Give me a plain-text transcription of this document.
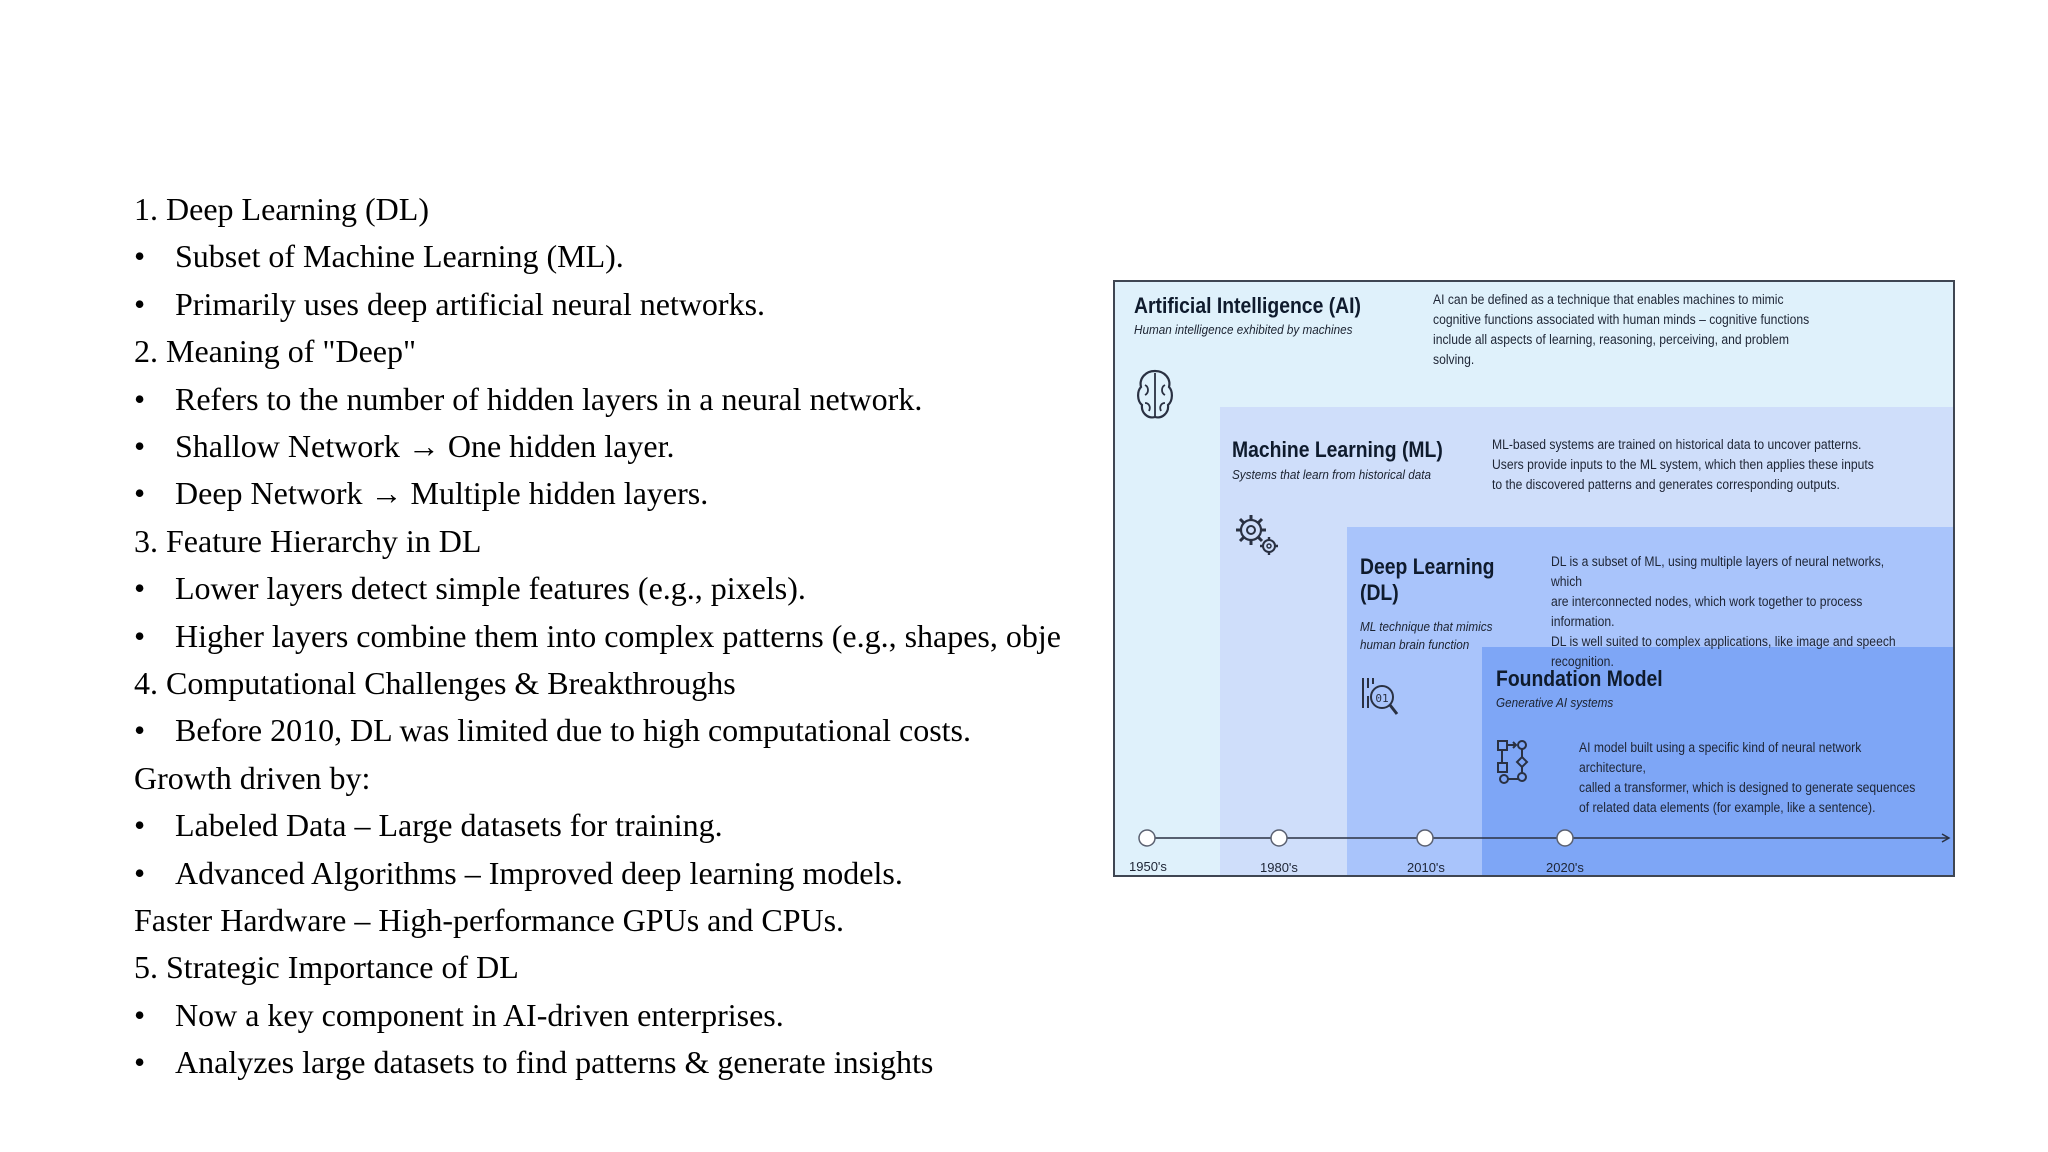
1. Deep Learning (DL)
• Subset of Machine Learning (ML).
• Primarily uses deep artificial neural networks.
2. Meaning of "Deep"
• Refers to the number of hidden layers in a neural network.
• Shallow Network → One hidden layer.
• Deep Network → Multiple hidden layers.
3. Feature Hierarchy in DL
• Lower layers detect simple features (e.g., pixels).
• Higher layers combine them into complex patterns (e.g., shapes, obje
4. Computational Challenges & Breakthroughs
• Before 2010, DL was limited due to high computational costs.
Growth driven by:
• Labeled Data – Large datasets for training.
• Advanced Algorithms – Improved deep learning models.
Faster Hardware – High-performance GPUs and CPUs.
5. Strategic Importance of DL
• Now a key component in AI-driven enterprises.
• Analyzes large datasets to find patterns & generate insights
Artificial Intelligence (AI)
Human intelligence exhibited by machines
AI can be defined as a technique that enables machines to mimic
cognitive functions associated with human minds – cognitive functions
include all aspects of learning, reasoning, perceiving, and problem
solving.
Machine Learning (ML)
Systems that learn from historical data
ML-based systems are trained on historical data to uncover patterns.
Users provide inputs to the ML system, which then applies these inputs
to the discovered patterns and generates corresponding outputs.
Deep Learning
(DL)
ML technique that mimics
human brain function
DL is a subset of ML, using multiple layers of neural networks, which
are interconnected nodes, which work together to process information.
DL is well suited to complex applications, like image and speech
recognition.
01
Foundation Model
Generative AI systems
AI model built using a specific kind of neural network architecture,
called a transformer, which is designed to generate sequences
of related data elements (for example, like a sentence).
1950's	1980's	2010's	2020's
